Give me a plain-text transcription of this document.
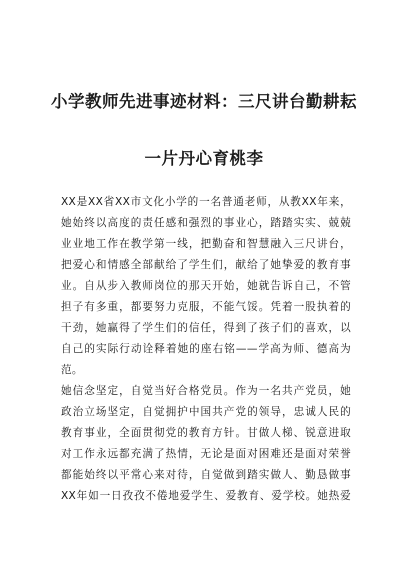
小学教师先进事迹材料：三尺讲台勤耕耘
一片丹心育桃李
XX是XX省XX市文化小学的一名普通老师，从教XX年来，
她始终以高度的责任感和强烈的事业心，踏踏实实、兢兢
业业地工作在教学第一线，把勤奋和智慧融入三尺讲台，
把爱心和情感全部献给了学生们，献给了她挚爱的教育事
业。自从步入教师岗位的那天开始，她就告诉自己，不管
担子有多重，都要努力克服，不能气馁。凭着一股执着的
干劲，她赢得了学生们的信任，得到了孩子们的喜欢，以
自己的实际行动诠释着她的座右铭——学高为师、德高为
范。
她信念坚定，自觉当好合格党员。作为一名共产党员，她
政治立场坚定，自觉拥护中国共产党的领导，忠诚人民的
教育事业，全面贯彻党的教育方针。甘做人梯、锐意进取
对工作永远都充满了热情，无论是面对困难还是面对荣誉
都能始终以平常心来对待，自觉做到踏实做人、勤恳做事
XX年如一日孜孜不倦地爱学生、爱教育、爱学校。她热爱
